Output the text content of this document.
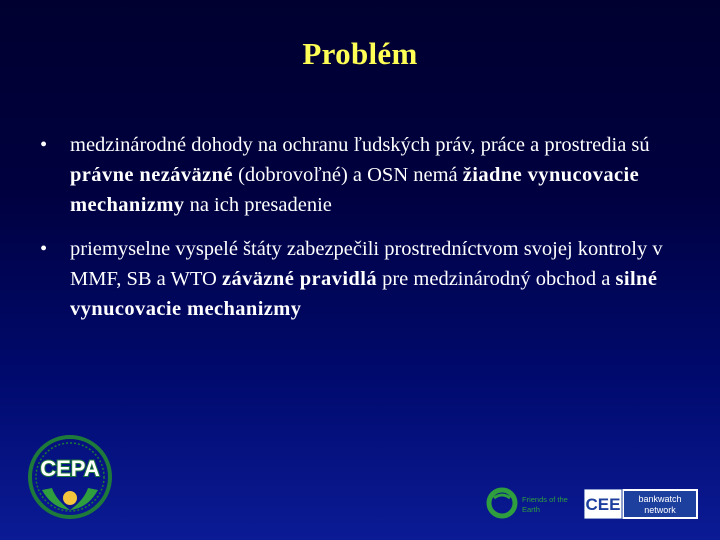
Problém
• medzinárodné dohody na ochranu ľudských práv, práce a prostredia sú právne nezáväzné (dobrovoľné) a OSN nemá žiadne vynucovacie mechanizmy na ich presadenie
• priemyselne vyspelé štáty zabezpečili prostredníctvom svojej kontroly v MMF, SB a WTO záväzné pravidlá pre medzinárodný obchod a silné vynucovacie mechanizmy
CEPA
Friends of the
Earth	CEE bankwatch
network
